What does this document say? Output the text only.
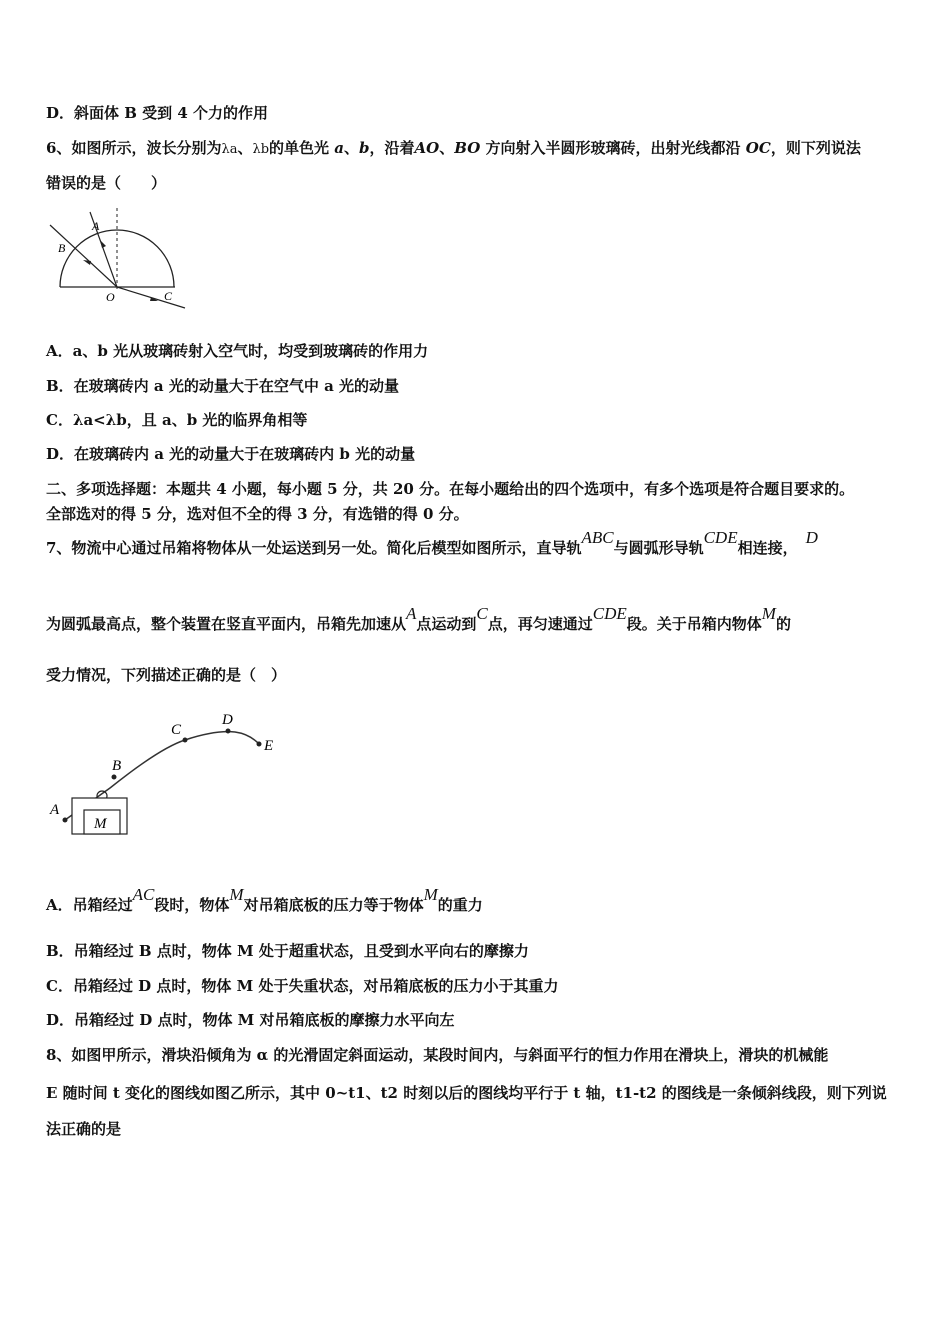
D．斜面体 B 受到 4 个力的作用
6、如图所示，波长分别为λa、λb的单色光 a、b，沿着AO、BO 方向射入半圆形玻璃砖，出射光线都沿 OC，则下列说法
错误的是（　　）
A
B
O	C
A．a、b 光从玻璃砖射入空气时，均受到玻璃砖的作用力
B．在玻璃砖内 a 光的动量大于在空气中 a 光的动量
C．λa<λb，且 a、b 光的临界角相等
D．在玻璃砖内 a 光的动量大于在玻璃砖内 b 光的动量
二、多项选择题：本题共 4 小题，每小题 5 分，共 20 分。在每小题给出的四个选项中，有多个选项是符合题目要求的。
全部选对的得 5 分，选对但不全的得 3 分，有选错的得 0 分。
7、物流中心通过吊箱将物体从一处运送到另一处。简化后模型如图所示，直导轨ABC与圆弧形导轨CDE相连接，D
为圆弧最高点，整个装置在竖直平面内，吊箱先加速从A点运动到C点，再匀速通过CDE段。关于吊箱内物体M的
受力情况，下列描述正确的是（　）
A
B
C
D
E
M
A．吊箱经过AC段时，物体M对吊箱底板的压力等于物体M的重力
B．吊箱经过 B 点时，物体 M 处于超重状态，且受到水平向右的摩擦力
C．吊箱经过 D 点时，物体 M 处于失重状态，对吊箱底板的压力小于其重力
D．吊箱经过 D 点时，物体 M 对吊箱底板的摩擦力水平向左
8、如图甲所示，滑块沿倾角为 α 的光滑固定斜面运动，某段时间内，与斜面平行的恒力作用在滑块上，滑块的机械能
E 随时间 t 变化的图线如图乙所示，其中 0~t1、t2 时刻以后的图线均平行于 t 轴，t1-t2 的图线是一条倾斜线段，则下列说
法正确的是
